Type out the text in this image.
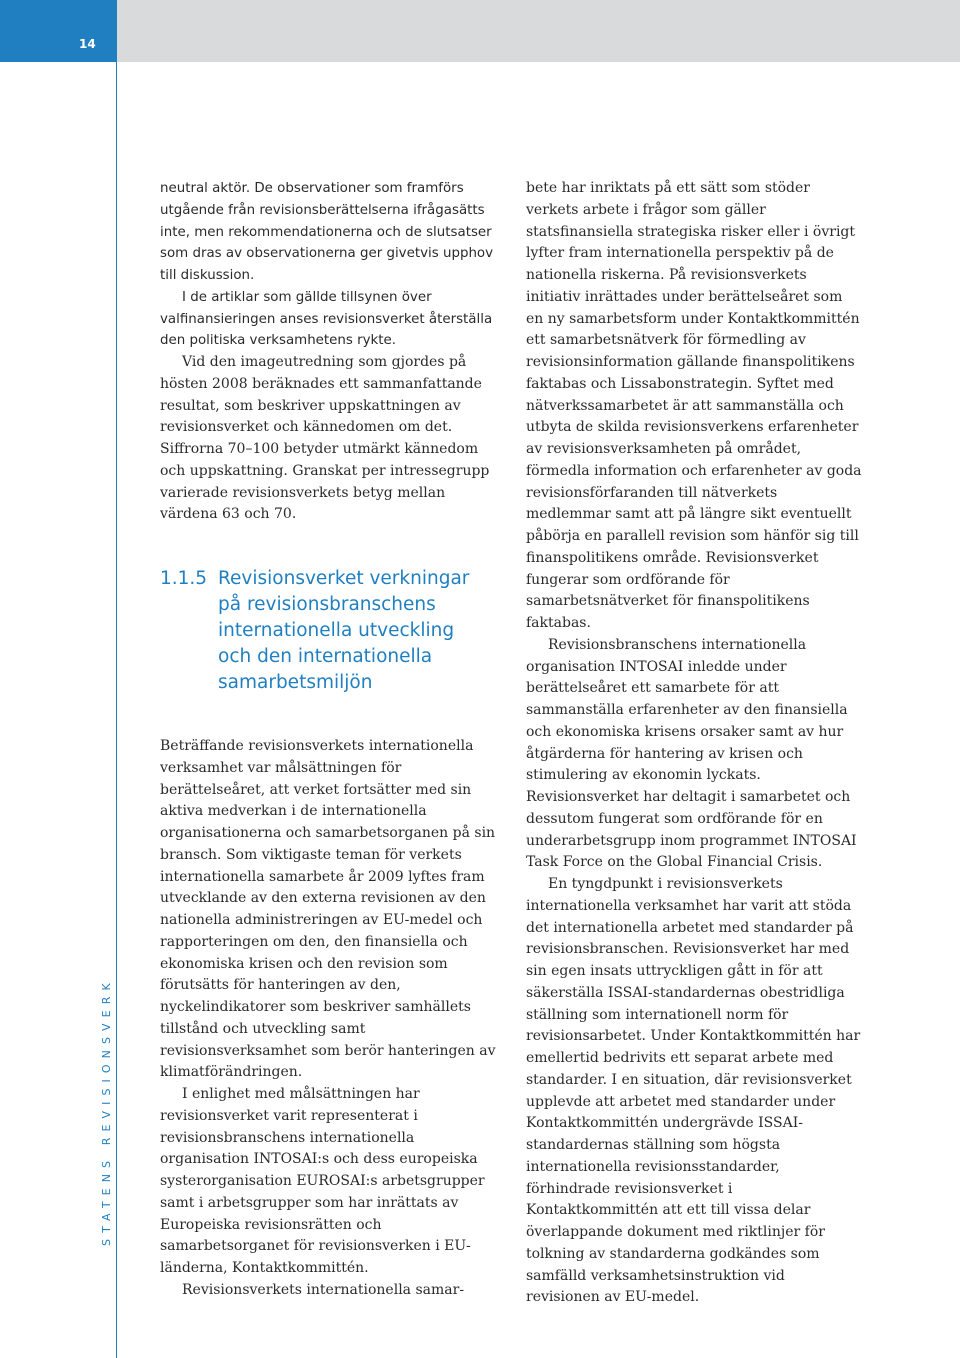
14
STATENS REVISIONSVERK

neutral aktör. De observationer som framförs utgående från revisionsberättelserna ifrågasätts inte, men rekommendationerna och de slutsatser som dras av observationerna ger givetvis upphov till diskussion.

I de artiklar som gällde tillsynen över valfinansieringen anses revisionsverket återställa den politiska verksamhetens rykte.

Vid den imageutredning som gjordes på hösten 2008 beräknades ett sammanfattande resultat, som beskriver uppskattningen av revisionsverket och kännedomen om det. Siffrorna 70–100 betyder utmärkt kännedom och uppskattning. Granskat per intressegrupp varierade revisionsverkets betyg mellan värdena 63 och 70.

1.1.5 Revisionsverket verkningar på revisionsbranschens internationella utveckling och den internationella samarbetsmiljön

Beträffande revisionsverkets internationella verksamhet var målsättningen för berättelseåret, att verket fortsätter med sin aktiva medverkan i de internationella organisationerna och samarbetsorganen på sin bransch. Som viktigaste teman för verkets internationella samarbete år 2009 lyftes fram utvecklande av den externa revisionen av den nationella administreringen av EU-medel och rapporteringen om den, den finansiella och ekonomiska krisen och den revision som förutsätts för hanteringen av den, nyckelindikatorer som beskriver samhällets tillstånd och utveckling samt revisionsverksamhet som berör hanteringen av klimatförändringen.

I enlighet med målsättningen har revisionsverket varit representerat i revisionsbranschens internationella organisation INTOSAI:s och dess europeiska systerorganisation EUROSAI:s arbetsgrupper samt i arbetsgrupper som har inrättats av Europeiska revisionsrätten och samarbetsorganet för revisionsverken i EU-länderna, Kontaktkommittén.

Revisionsverkets internationella samar-

bete har inriktats på ett sätt som stöder verkets arbete i frågor som gäller statsfinansiella strategiska risker eller i övrigt lyfter fram internationella perspektiv på de nationella riskerna. På revisionsverkets initiativ inrättades under berättelseåret som en ny samarbetsform under Kontaktkommittén ett samarbetsnätverk för förmedling av revisionsinformation gällande finanspolitikens faktabas och Lissabonstrategin. Syftet med nätverkssamarbetet är att sammanställa och utbyta de skilda revisionsverkens erfarenheter av revisionsverksamheten på området, förmedla information och erfarenheter av goda revisionsförfaranden till nätverkets medlemmar samt att på längre sikt eventuellt påbörja en parallell revision som hänför sig till finanspolitikens område. Revisionsverket fungerar som ordförande för samarbetsnätverket för finanspolitikens faktabas.

Revisionsbranschens internationella organisation INTOSAI inledde under berättelseåret ett samarbete för att sammanställa erfarenheter av den finansiella och ekonomiska krisens orsaker samt av hur åtgärderna för hantering av krisen och stimulering av ekonomin lyckats. Revisionsverket har deltagit i samarbetet och dessutom fungerat som ordförande för en underarbetsgrupp inom programmet INTOSAI Task Force on the Global Financial Crisis.

En tyngdpunkt i revisionsverkets internationella verksamhet har varit att stöda det internationella arbetet med standarder på revisionsbranschen. Revisionsverket har med sin egen insats uttryckligen gått in för att säkerställa ISSAI-standardernas obestridliga ställning som internationell norm för revisionsarbetet. Under Kontaktkommittén har emellertid bedrivits ett separat arbete med standarder. I en situation, där revisionsverket upplevde att arbetet med standarder under Kontaktkommittén undergrävde ISSAI-standardernas ställning som högsta internationella revisionsstandarder, förhindrade revisionsverket i Kontaktkommittén att ett till vissa delar överlappande dokument med riktlinjer för tolkning av standarderna godkändes som samfälld verksamhetsinstruktion vid revisionen av EU-medel.
